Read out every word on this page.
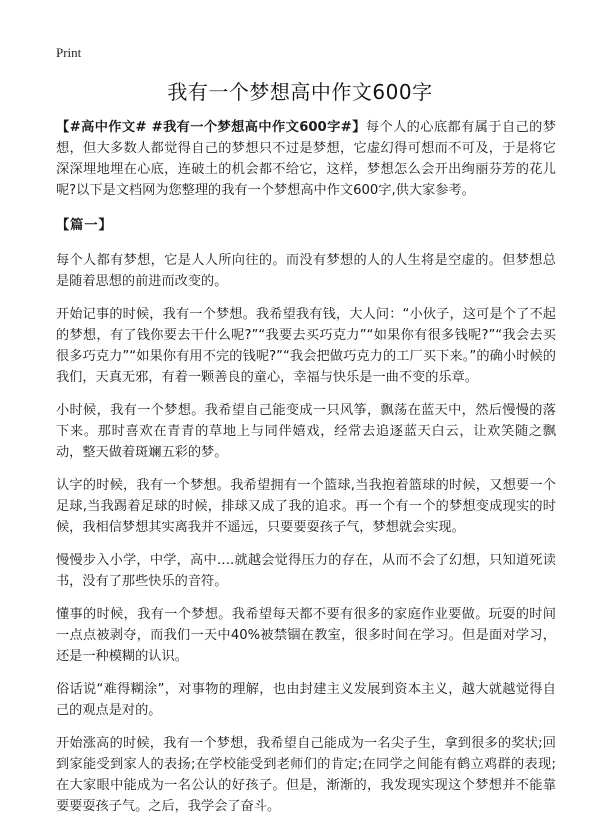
Print
我有一个梦想高中作文600字

【#高中作文# #我有一个梦想高中作文600字#】每个人的心底都有属于自己的梦想，但大多数人都觉得自己的梦想只不过是梦想，它虚幻得可想而不可及，于是将它深深埋地埋在心底，连破土的机会都不给它，这样，梦想怎么会开出绚丽芬芳的花儿呢?以下是文档网为您整理的我有一个梦想高中作文600字,供大家参考。

【篇一】

每个人都有梦想，它是人人所向往的。而没有梦想的人的人生将是空虚的。但梦想总是随着思想的前进而改变的。

开始记事的时候，我有一个梦想。我希望我有钱，大人问：“小伙子，这可是个了不起的梦想，有了钱你要去干什么呢?”“我要去买巧克力”“如果你有很多钱呢?”“我会去买很多巧克力”“如果你有用不完的钱呢?”“我会把做巧克力的工厂买下来。”的确小时候的我们，天真无邪，有着一颗善良的童心，幸福与快乐是一曲不变的乐章。

小时候，我有一个梦想。我希望自己能变成一只风筝，飘荡在蓝天中，然后慢慢的落下来。那时喜欢在青青的草地上与同伴嬉戏，经常去追逐蓝天白云，让欢笑随之飘动，整天做着斑斓五彩的梦。

认字的时候，我有一个梦想。我希望拥有一个篮球,当我抱着篮球的时候，又想要一个足球,当我踢着足球的时候，排球又成了我的追求。再一个有一个的梦想变成现实的时候，我相信梦想其实离我并不遥远，只要要耍孩子气，梦想就会实现。

慢慢步入小学，中学，高中….就越会觉得压力的存在，从而不会了幻想，只知道死读书，没有了那些快乐的音符。

懂事的时候，我有一个梦想。我希望每天都不要有很多的家庭作业要做。玩耍的时间一点点被剥夺，而我们一天中40%被禁锢在教室，很多时间在学习。但是面对学习，还是一种模糊的认识。

俗话说“难得糊涂”，对事物的理解，也由封建主义发展到资本主义，越大就越觉得自己的观点是对的。

开始涨高的时候，我有一个梦想，我希望自己能成为一名尖子生，拿到很多的奖状;回到家能受到家人的表扬;在学校能受到老师们的肯定;在同学之间能有鹤立鸡群的表现;在大家眼中能成为一名公认的好孩子。但是，渐渐的，我发现实现这个梦想并不能靠要要耍孩子气。之后，我学会了奋斗。
